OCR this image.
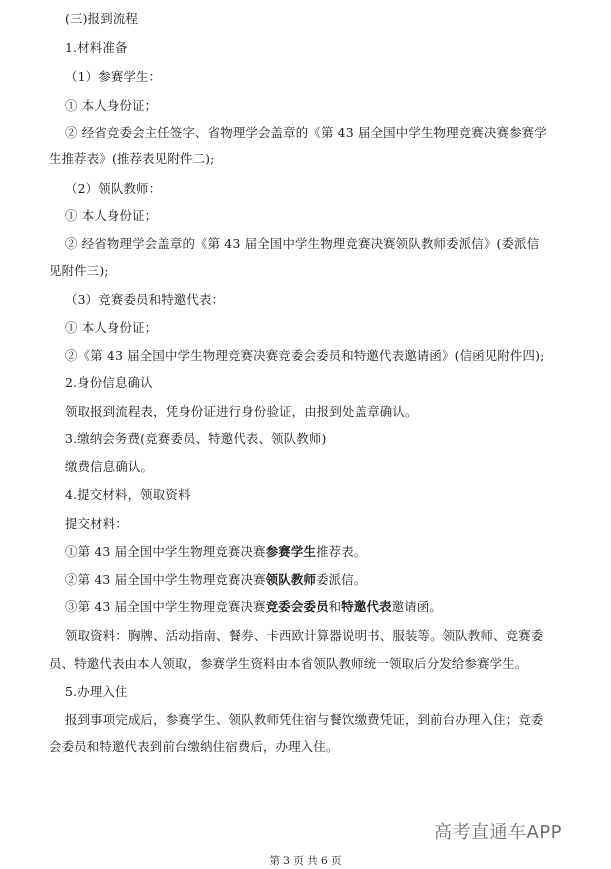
(三)报到流程
1.材料准备
（1）参赛学生：
① 本人身份证；
② 经省竞委会主任签字、省物理学会盖章的《第 43 届全国中学生物理竞赛决赛参赛学
生推荐表》(推荐表见附件二);
（2）领队教师：
① 本人身份证；
② 经省物理学会盖章的《第 43 届全国中学生物理竞赛决赛领队教师委派信》(委派信
见附件三);
（3）竞赛委员和特邀代表：
① 本人身份证；
②《第 43 届全国中学生物理竞赛决赛竞委会委员和特邀代表邀请函》(信函见附件四);
2.身份信息确认
领取报到流程表，凭身份证进行身份验证，由报到处盖章确认。
3.缴纳会务费(竞赛委员、特邀代表、领队教师)
缴费信息确认。
4.提交材料，领取资料
提交材料：
①第 43 届全国中学生物理竞赛决赛参赛学生推荐表。
②第 43 届全国中学生物理竞赛决赛领队教师委派信。
③第 43 届全国中学生物理竞赛决赛竞委会委员和特邀代表邀请函。
领取资料：胸牌、活动指南、餐券、卡西欧计算器说明书、服装等。领队教师、竞赛委
员、特邀代表由本人领取，参赛学生资料由本省领队教师统一领取后分发给参赛学生。
5.办理入住
报到事项完成后，参赛学生、领队教师凭住宿与餐饮缴费凭证，到前台办理入住；竞委
会委员和特邀代表到前台缴纳住宿费后，办理入住。
高考直通车APP
第 3 页 共 6 页
